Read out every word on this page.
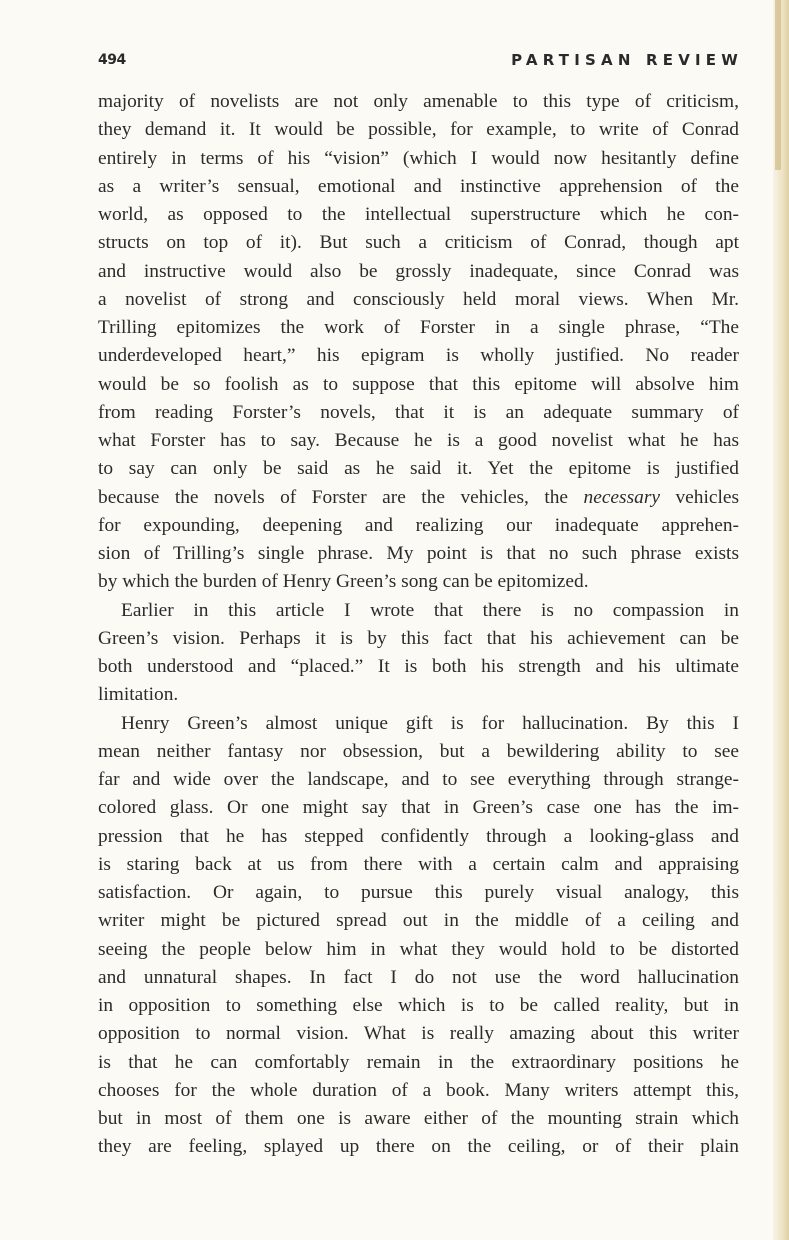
494	PARTISAN REVIEW
majority of novelists are not only amenable to this type of criticism,
they demand it. It would be possible, for example, to write of Conrad
entirely in terms of his “vision” (which I would now hesitantly define
as a writer’s sensual, emotional and instinctive apprehension of the
world, as opposed to the intellectual superstructure which he con-
structs on top of it). But such a criticism of Conrad, though apt
and instructive would also be grossly inadequate, since Conrad was
a novelist of strong and consciously held moral views. When Mr.
Trilling epitomizes the work of Forster in a single phrase, “The
underdeveloped heart,” his epigram is wholly justified. No reader
would be so foolish as to suppose that this epitome will absolve him
from reading Forster’s novels, that it is an adequate summary of
what Forster has to say. Because he is a good novelist what he has
to say can only be said as he said it. Yet the epitome is justified
because the novels of Forster are the vehicles, the necessary vehicles
for expounding, deepening and realizing our inadequate apprehen-
sion of Trilling’s single phrase. My point is that no such phrase exists
by which the burden of Henry Green’s song can be epitomized.
Earlier in this article I wrote that there is no compassion in
Green’s vision. Perhaps it is by this fact that his achievement can be
both understood and “placed.” It is both his strength and his ultimate
limitation.
Henry Green’s almost unique gift is for hallucination. By this I
mean neither fantasy nor obsession, but a bewildering ability to see
far and wide over the landscape, and to see everything through strange-
colored glass. Or one might say that in Green’s case one has the im-
pression that he has stepped confidently through a looking-glass and
is staring back at us from there with a certain calm and appraising
satisfaction. Or again, to pursue this purely visual analogy, this
writer might be pictured spread out in the middle of a ceiling and
seeing the people below him in what they would hold to be distorted
and unnatural shapes. In fact I do not use the word hallucination
in opposition to something else which is to be called reality, but in
opposition to normal vision. What is really amazing about this writer
is that he can comfortably remain in the extraordinary positions he
chooses for the whole duration of a book. Many writers attempt this,
but in most of them one is aware either of the mounting strain which
they are feeling, splayed up there on the ceiling, or of their plain
